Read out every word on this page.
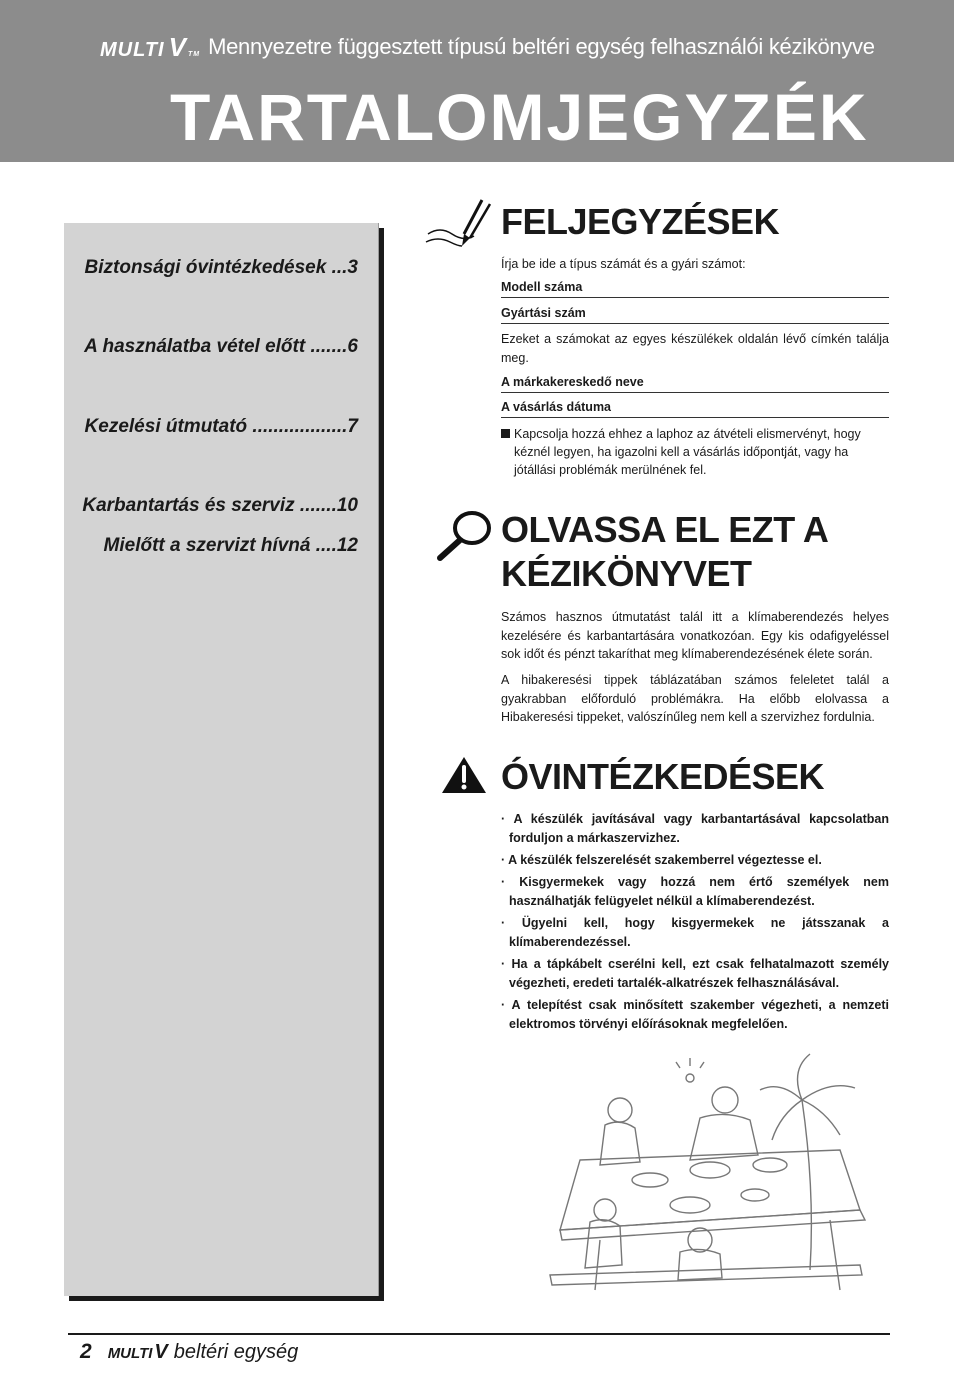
MULTI V TM Mennyezetre függesztett típusú beltéri egység felhasználói kézikönyve
TARTALOMJEGYZÉK
Biztonsági óvintézkedések ...3
A használatba vétel előtt .......6
Kezelési útmutató ..................7
Karbantartás és szerviz .......10
Mielőtt a szervizt hívná ....12
FELJEGYZÉSEK
Írja be ide a típus számát és a gyári számot:
Modell száma
Gyártási szám
Ezeket a számokat az egyes készülékek oldalán lévő címkén találja meg.
A márkakereskedő neve
A vásárlás dátuma
Kapcsolja hozzá ehhez a laphoz az átvételi elismervényt, hogy kéznél legyen, ha igazolni kell a vásárlás időpontját, vagy ha jótállási problémák merülnének fel.
OLVASSA EL EZT A KÉZIKÖNYVET

Számos hasznos útmutatást talál itt a klímaberendezés helyes kezelésére és karbantartására vonatkozóan. Egy kis odafigyeléssel sok időt és pénzt takaríthat meg klímaberendezésének élete során.

A hibakeresési tippek táblázatában számos feleletet talál a gyakrabban előforduló problémákra. Ha előbb elolvassa a Hibakeresési tippeket, valószínűleg nem kell a szervizhez fordulnia.

ÓVINTÉZKEDÉSEK
· A készülék javításával vagy karbantartásával kapcsolatban forduljon a márkaszervizhez.
· A készülék felszerelését szakemberrel végeztesse el.
· Kisgyermekek vagy hozzá nem értő személyek nem használhatják felügyelet nélkül a klímaberendezést.
· Ügyelni kell, hogy kisgyermekek ne játsszanak a klímaberendezéssel.
· Ha a tápkábelt cserélni kell, ezt csak felhatalmazott személy végezheti, eredeti tartalék-alkatrészek felhasználásával.
· A telepítést csak minősített szakember végezheti, a nemzeti elektromos törvényi előírásoknak megfelelően.
2 MULTI V beltéri egység
